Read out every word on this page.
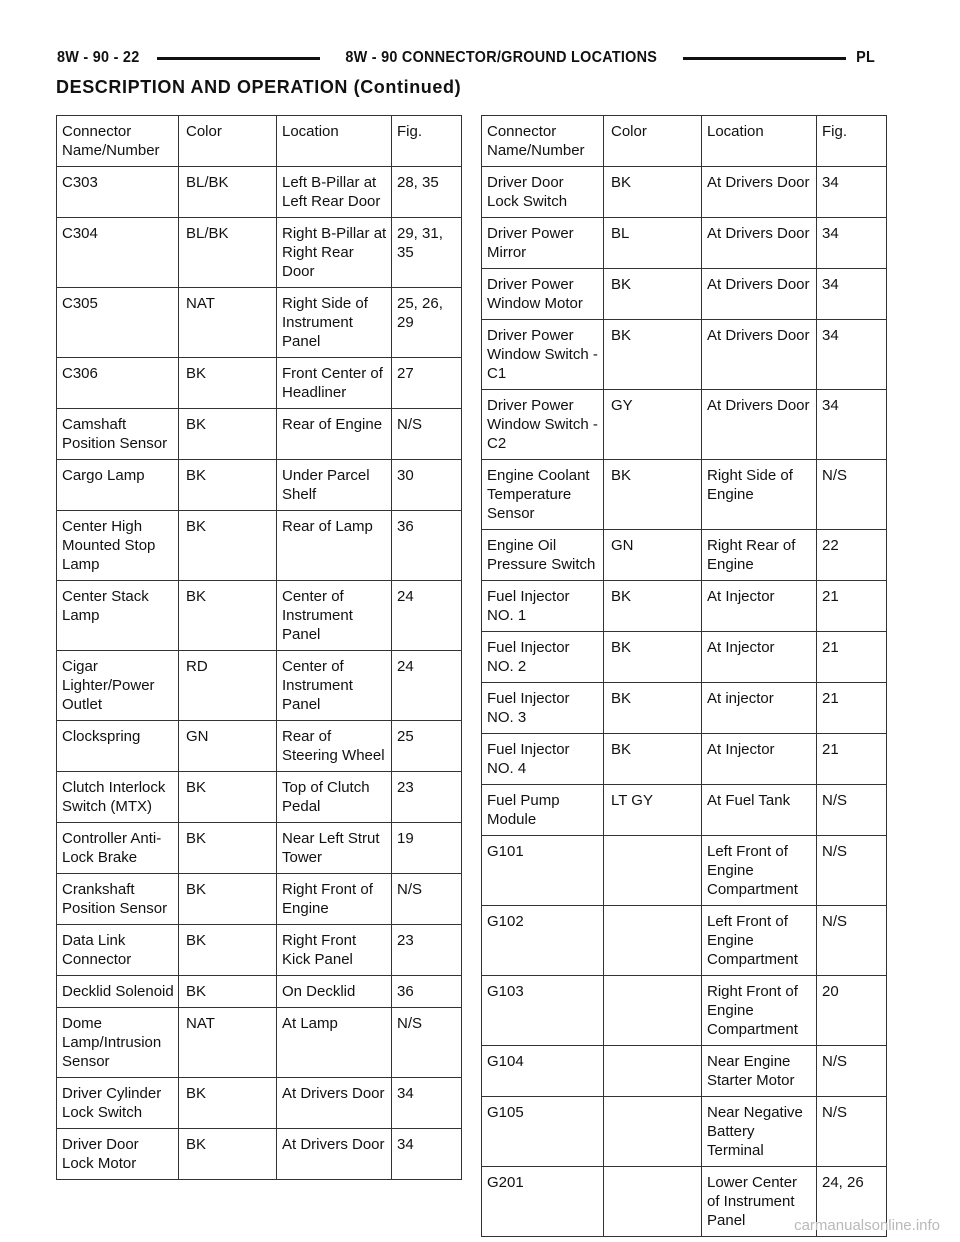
8W - 90 - 22	8W - 90 CONNECTOR/GROUND LOCATIONS	PL
DESCRIPTION AND OPERATION (Continued)
Connector Name/Number	Color	Location	Fig.
C303	BL/BK	Left B-Pillar at Left Rear Door	28, 35
C304	BL/BK	Right B-Pillar at Right Rear Door	29, 31, 35
C305	NAT	Right Side of Instrument Panel	25, 26, 29
C306	BK	Front Center of Headliner	27
Camshaft Position Sensor	BK	Rear of Engine	N/S
Cargo Lamp	BK	Under Parcel Shelf	30
Center High Mounted Stop Lamp	BK	Rear of Lamp	36
Center Stack Lamp	BK	Center of Instrument Panel	24
Cigar Lighter/Power Outlet	RD	Center of Instrument Panel	24
Clockspring	GN	Rear of Steering Wheel	25
Clutch Interlock Switch (MTX)	BK	Top of Clutch Pedal	23
Controller Anti-Lock Brake	BK	Near Left Strut Tower	19
Crankshaft Position Sensor	BK	Right Front of Engine	N/S
Data Link Connector	BK	Right Front Kick Panel	23
Decklid Solenoid	BK	On Decklid	36
Dome Lamp/Intrusion Sensor	NAT	At Lamp	N/S
Driver Cylinder Lock Switch	BK	At Drivers Door	34
Driver Door Lock Motor	BK	At Drivers Door	34
Connector Name/Number	Color	Location	Fig.
Driver Door Lock Switch	BK	At Drivers Door	34
Driver Power Mirror	BL	At Drivers Door	34
Driver Power Window Motor	BK	At Drivers Door	34
Driver Power Window Switch - C1	BK	At Drivers Door	34
Driver Power Window Switch - C2	GY	At Drivers Door	34
Engine Coolant Temperature Sensor	BK	Right Side of Engine	N/S
Engine Oil Pressure Switch	GN	Right Rear of Engine	22
Fuel Injector NO. 1	BK	At Injector	21
Fuel Injector NO. 2	BK	At Injector	21
Fuel Injector NO. 3	BK	At injector	21
Fuel Injector NO. 4	BK	At Injector	21
Fuel Pump Module	LT GY	At Fuel Tank	N/S
G101		Left Front of Engine Compartment	N/S
G102		Left Front of Engine Compartment	N/S
G103		Right Front of Engine Compartment	20
G104		Near Engine Starter Motor	N/S
G105		Near Negative Battery Terminal	N/S
G201		Lower Center of Instrument Panel	24, 26
carmanualsonline.info
